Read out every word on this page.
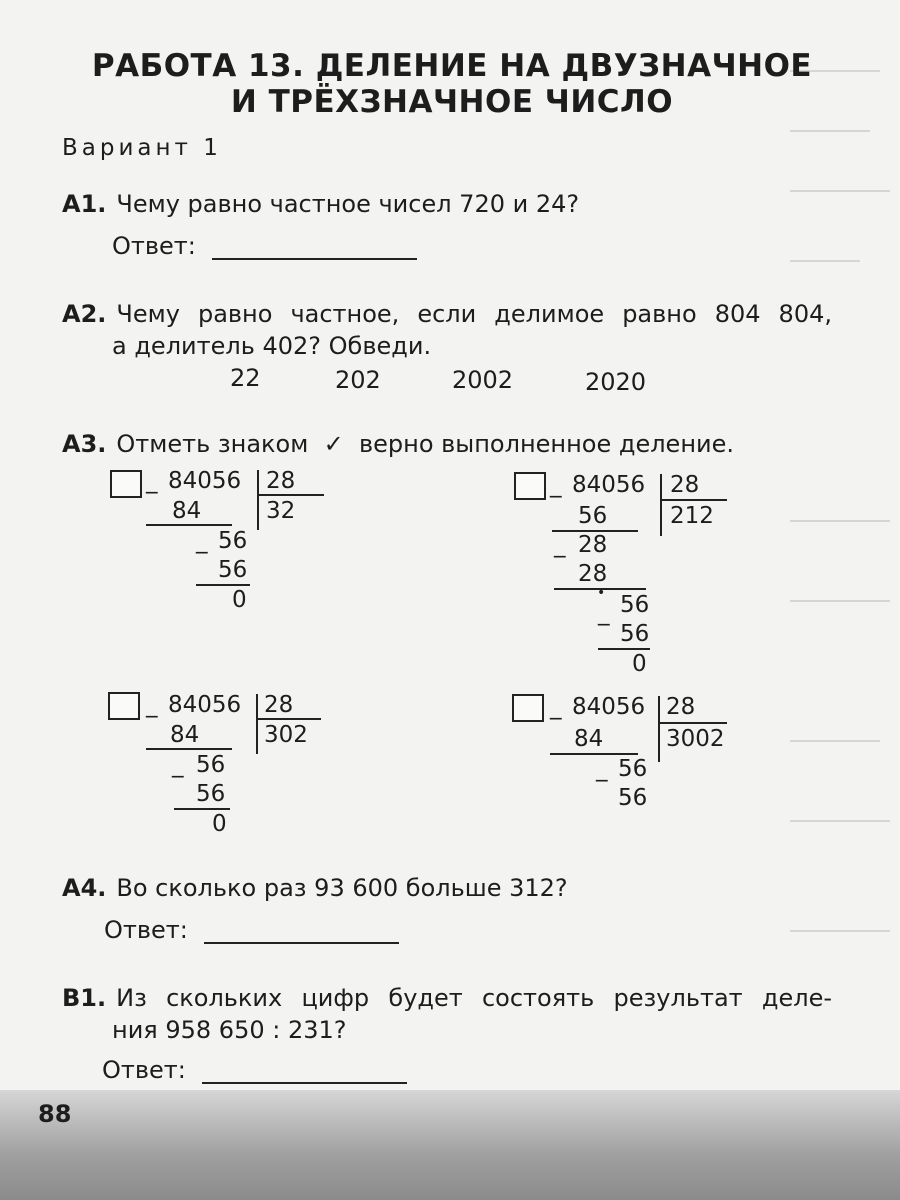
РАБОТА 13. ДЕЛЕНИЕ НА ДВУЗНАЧНОЕ
И ТРЁХЗНАЧНОЕ ЧИСЛО
Вариант 1
А1. Чему равно частное чисел 720 и 24?
Ответ:
А2. Чему равно частное, если делимое равно 804 804,
а делитель 402? Обведи.
22	202	2002	2020
А3. Отметь знаком ✓ верно выполненное деление.
_ 84056 28
32
84
_ 56
56
0
_ 84056 28
212
56
_ 28
28
• 56
_
56
0
_ 84056 28
302
84
_ 56
56
0
_ 84056 28
3002
84
_ 56
56
А4. Во сколько раз 93 600 больше 312?
Ответ:
В1. Из скольких цифр будет состоять результат деле-
ния 958 650 : 231?
Ответ:
88
